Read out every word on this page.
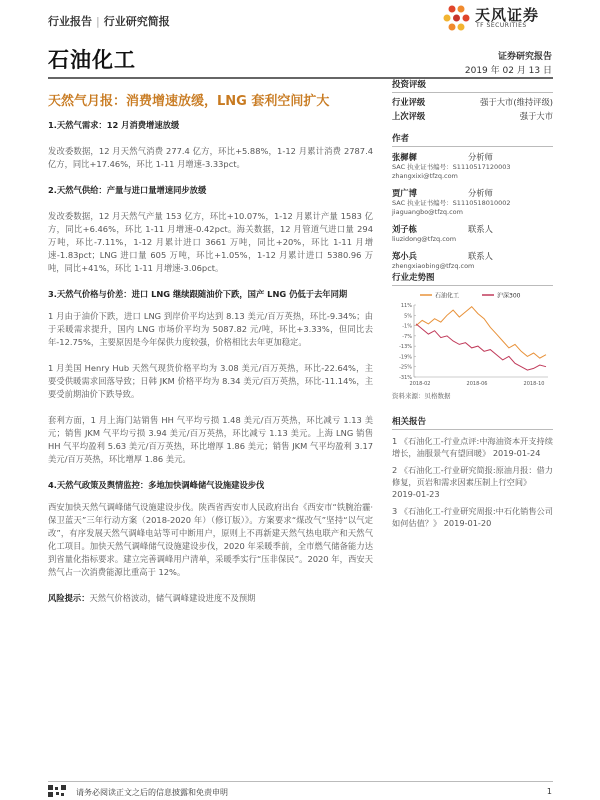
行业报告 | 行业研究简报	天风证券
TF SECURITIES
石油化工	证券研究报告
2019 年 02 月 13 日
天然气月报：消费增速放缓，LNG 套利空间扩大
1.天然气需求：12 月消费增速放缓
发改委数据，12 月天然气消费 277.4 亿方，环比+5.88%，1-12 月累计消费 2787.4 亿方，同比+17.46%，环比 1-11 月增速-3.33pct。
2.天然气供给：产量与进口量增速同步放缓
发改委数据，12 月天然气产量 153 亿方，环比+10.07%，1-12 月累计产量 1583 亿方，同比+6.46%，环比 1-11 月增速-0.42pct。海关数据，12 月管道气进口量 294 万吨，环比-7.11%，1-12 月累计进口 3661 万吨，同比+20%，环比 1-11 月增速-1.83pct；LNG 进口量 605 万吨，环比+1.05%，1-12 月累计进口 5380.96 万吨，同比+41%，环比 1-11 月增速-3.06pct。
3.天然气价格与价差：进口 LNG 继续跟随油价下跌，国产 LNG 仍低于去年同期
1 月由于油价下跌，进口 LNG 到岸价平均达到 8.13 美元/百万英热，环比-9.34%；由于采暖需求提升，国内 LNG 市场价平均为 5087.82 元/吨，环比+3.33%，但同比去年-12.75%，主要原因是今年保供力度较强，价格相比去年更加稳定。
1 月美国 Henry Hub 天然气现货价格平均为 3.08 美元/百万英热，环比-22.64%，主要受供暖需求回落导致；日韩 JKM 价格平均为 8.34 美元/百万英热，环比-11.14%，主要受前期油价下跌导致。
套利方面，1 月上海门站销售 HH 气平均亏损 1.48 美元/百万英热，环比减亏 1.13 美元；销售 JKM 气平均亏损 3.94 美元/百万英热，环比减亏 1.13 美元。上海 LNG 销售 HH 气平均盈利 5.63 美元/百万英热，环比增厚 1.86 美元；销售 JKM 气平均盈利 3.17 美元/百万英热，环比增厚 1.86 美元。
4.天然气政策及舆情监控：多地加快调峰储气设施建设步伐
西安加快天然气调峰储气设施建设步伐。陕西省西安市人民政府出台《西安市“铁腕治霾·保卫蓝天”三年行动方案（2018-2020 年）（修订版）》。方案要求“煤改气”坚持“以气定改”，有序发展天然气调峰电站等可中断用户，原则上不再新建天然气热电联产和天然气化工项目。加快天然气调峰储气设施建设步伐，2020 年采暖季前，全市燃气储备能力达到省量化指标要求。建立完善调峰用户清单，采暖季实行“压非保民”。2020 年，西安天然气占一次消费能源比重高于 12%。
风险提示：天然气价格波动，储气调峰建设进度不及预期
投资评级
行业评级	强于大市(维持评级)
上次评级	强于大市
作者
张樨樨	分析师
SAC 执业证书编号：S1110517120003
zhangxixi@tfzq.com
贾广博	分析师
SAC 执业证书编号：S1110518010002
jiaguangbo@tfzq.com
刘子栋	联系人
liuzidong@tfzq.com
郑小兵	联系人
zhengxiaobing@tfzq.com
行业走势图
石油化工	沪深300
11%
5%
-1%
-7%
-13%
-19%
-25%
-31%
2018-02	2018-06	2018-10
资料来源：贝格数据
相关报告
1 《石油化工-行业点评:中海油资本开支持续增长，油服景气有望回暖》 2019-01-24
2 《石油化工-行业研究简报:原油月报：借力修复，页岩和需求因素压制上行空间》 2019-01-23
3 《石油化工-行业研究周报:中石化销售公司如何估值？》 2019-01-20
请务必阅读正文之后的信息披露和免责申明	1
